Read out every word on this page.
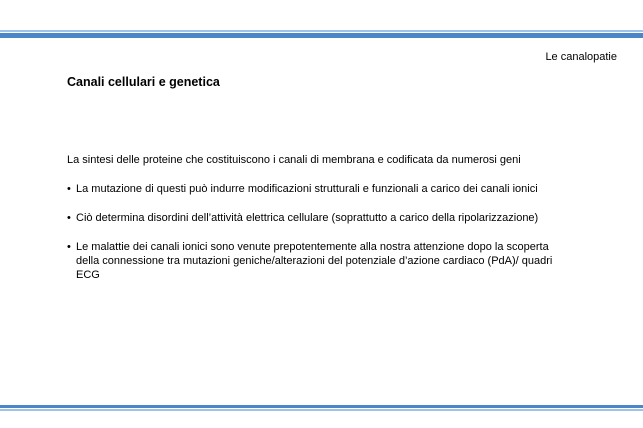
Le canalopatie
Canali cellulari e genetica

La sintesi delle proteine che costituiscono i canali di membrana e codificata da numerosi geni

• La mutazione di questi può indurre modificazioni strutturali e funzionali a carico dei canali ionici
• Ciò determina disordini dell’attività elettrica cellulare (soprattutto a carico della ripolarizzazione)
• Le malattie dei canali ionici sono venute prepotentemente alla nostra attenzione dopo la scoperta della connessione tra mutazioni geniche/alterazioni del potenziale d’azione cardiaco (PdA)/ quadri ECG
